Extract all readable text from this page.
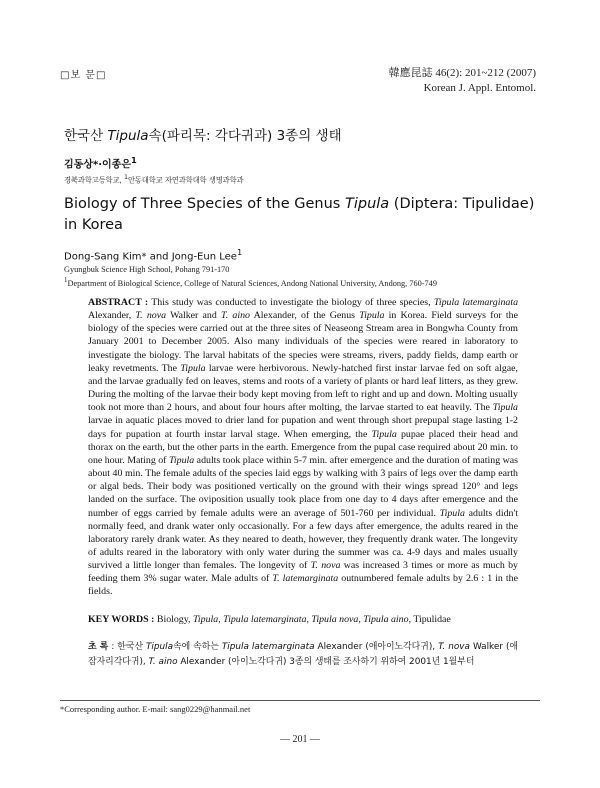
□보 문□	韓應昆誌 46(2): 201~212 (2007)
Korean J. Appl. Entomol.
한국산 Tipula속(파리목: 각다귀과) 3종의 생태
김동상*·이종은$^1$
경북과학고등학교, $^1$안동대학교 자연과학대학 생명과학과
Biology of Three Species of the Genus Tipula (Diptera: Tipulidae) in Korea
Dong-Sang Kim* and Jong-Eun Lee$^1$
Gyungbuk Science High School, Pohang 791-170
$^1$Department of Biological Science, College of Natural Sciences, Andong National University, Andong, 760-749
ABSTRACT : This study was conducted to investigate the biology of three species, Tipula latemarginata Alexander, T. nova Walker and T. aino Alexander, of the Genus Tipula in Korea. Field surveys for the biology of the species were carried out at the three sites of Neaseong Stream area in Bongwha County from January 2001 to December 2005. Also many individuals of the species were reared in laboratory to investigate the biology. The larval habitats of the species were streams, rivers, paddy fields, damp earth or leaky revetments. The Tipula larvae were herbivorous. Newly-hatched first instar larvae fed on soft algae, and the larvae gradually fed on leaves, stems and roots of a variety of plants or hard leaf litters, as they grew. During the molting of the larvae their body kept moving from left to right and up and down. Molting usually took not more than 2 hours, and about four hours after molting, the larvae started to eat heavily. The Tipula larvae in aquatic places moved to drier land for pupation and went through short prepupal stage lasting 1-2 days for pupation at fourth instar larval stage. When emerging, the Tipula pupae placed their head and thorax on the earth, but the other parts in the earth. Emergence from the pupal case required about 20 min. to one hour. Mating of Tipula adults took place within 5-7 min. after emergence and the duration of mating was about 40 min. The female adults of the species laid eggs by walking with 3 pairs of legs over the damp earth or algal beds. Their body was positioned vertically on the ground with their wings spread 120° and legs landed on the surface. The oviposition usually took place from one day to 4 days after emergence and the number of eggs carried by female adults were an average of 501-760 per individual. Tipula adults didn't normally feed, and drank water only occasionally. For a few days after emergence, the adults reared in the laboratory rarely drank water. As they neared to death, however, they frequently drank water. The longevity of adults reared in the laboratory with only water during the summer was ca. 4-9 days and males usually survived a little longer than females. The longevity of T. nova was increased 3 times or more as much by feeding them 3% sugar water. Male adults of T. latemarginata outnumbered female adults by 2.6 : 1 in the fields.
KEY WORDS : Biology, Tipula, Tipula latemarginata, Tipula nova, Tipula aino, Tipulidae
초 록 : 한국산 Tipula속에 속하는 Tipula latemarginata Alexander (애아이노각다귀), T. nova Walker (애잠자리각다귀), T. aino Alexander (아이노각다귀) 3종의 생태를 조사하기 위하여 2001년 1월부터
*Corresponding author. E-mail: sang0229@hanmail.net
— 201 —
